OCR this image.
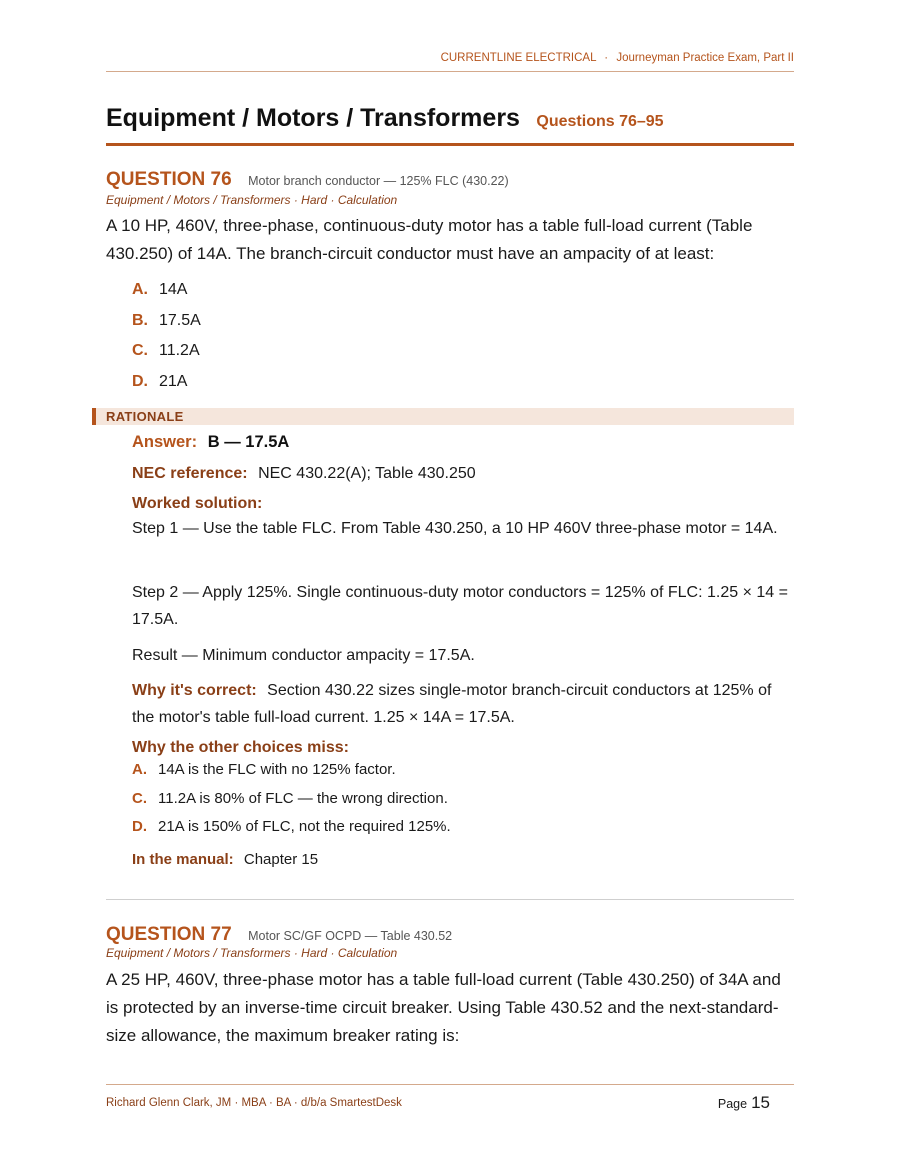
CURRENTLINE ELECTRICAL · Journeyman Practice Exam, Part II
Equipment / Motors / Transformers Questions 76–95
QUESTION 76 Motor branch conductor — 125% FLC (430.22)
Equipment / Motors / Transformers · Hard · Calculation
A 10 HP, 460V, three-phase, continuous-duty motor has a table full-load current (Table 430.250) of 14A. The branch-circuit conductor must have an ampacity of at least:
A. 14A
B. 17.5A
C. 11.2A
D. 21A
RATIONALE
Answer: B — 17.5A
NEC reference: NEC 430.22(A); Table 430.250
Worked solution:
Step 1 — Use the table FLC. From Table 430.250, a 10 HP 460V three-phase motor = 14A.
Step 2 — Apply 125%. Single continuous-duty motor conductors = 125% of FLC: 1.25 × 14 = 17.5A.
Result — Minimum conductor ampacity = 17.5A.
Why it's correct: Section 430.22 sizes single-motor branch-circuit conductors at 125% of the motor's table full-load current. 1.25 × 14A = 17.5A.
Why the other choices miss:
A. 14A is the FLC with no 125% factor.
C. 11.2A is 80% of FLC — the wrong direction.
D. 21A is 150% of FLC, not the required 125%.
In the manual: Chapter 15
QUESTION 77 Motor SC/GF OCPD — Table 430.52
Equipment / Motors / Transformers · Hard · Calculation
A 25 HP, 460V, three-phase motor has a table full-load current (Table 430.250) of 34A and is protected by an inverse-time circuit breaker. Using Table 430.52 and the next-standard-size allowance, the maximum breaker rating is:
Richard Glenn Clark, JM · MBA · BA · d/b/a SmartestDesk	Page 15
